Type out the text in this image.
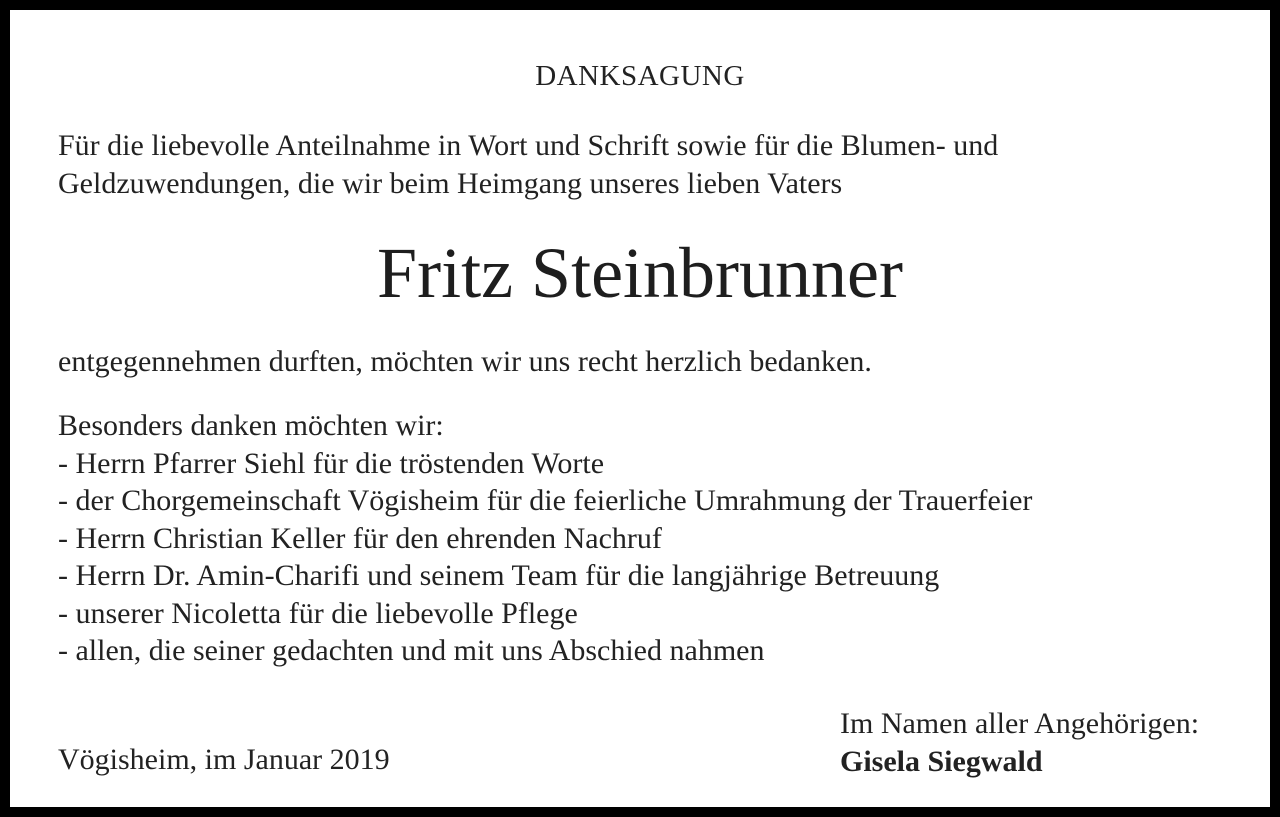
DANKSAGUNG
Für die liebevolle Anteilnahme in Wort und Schrift sowie für die Blumen- und
Geldzuwendungen, die wir beim Heimgang unseres lieben Vaters
Fritz Steinbrunner
entgegennehmen durften, möchten wir uns recht herzlich bedanken.
Besonders danken möchten wir:
- Herrn Pfarrer Siehl für die tröstenden Worte
- der Chorgemeinschaft Vögisheim für die feierliche Umrahmung der Trauerfeier
- Herrn Christian Keller für den ehrenden Nachruf
- Herrn Dr. Amin-Charifi und seinem Team für die langjährige Betreuung
- unserer Nicoletta für die liebevolle Pflege
- allen, die seiner gedachten und mit uns Abschied nahmen
Vögisheim, im Januar 2019
Im Namen aller Angehörigen:
Gisela Siegwald
